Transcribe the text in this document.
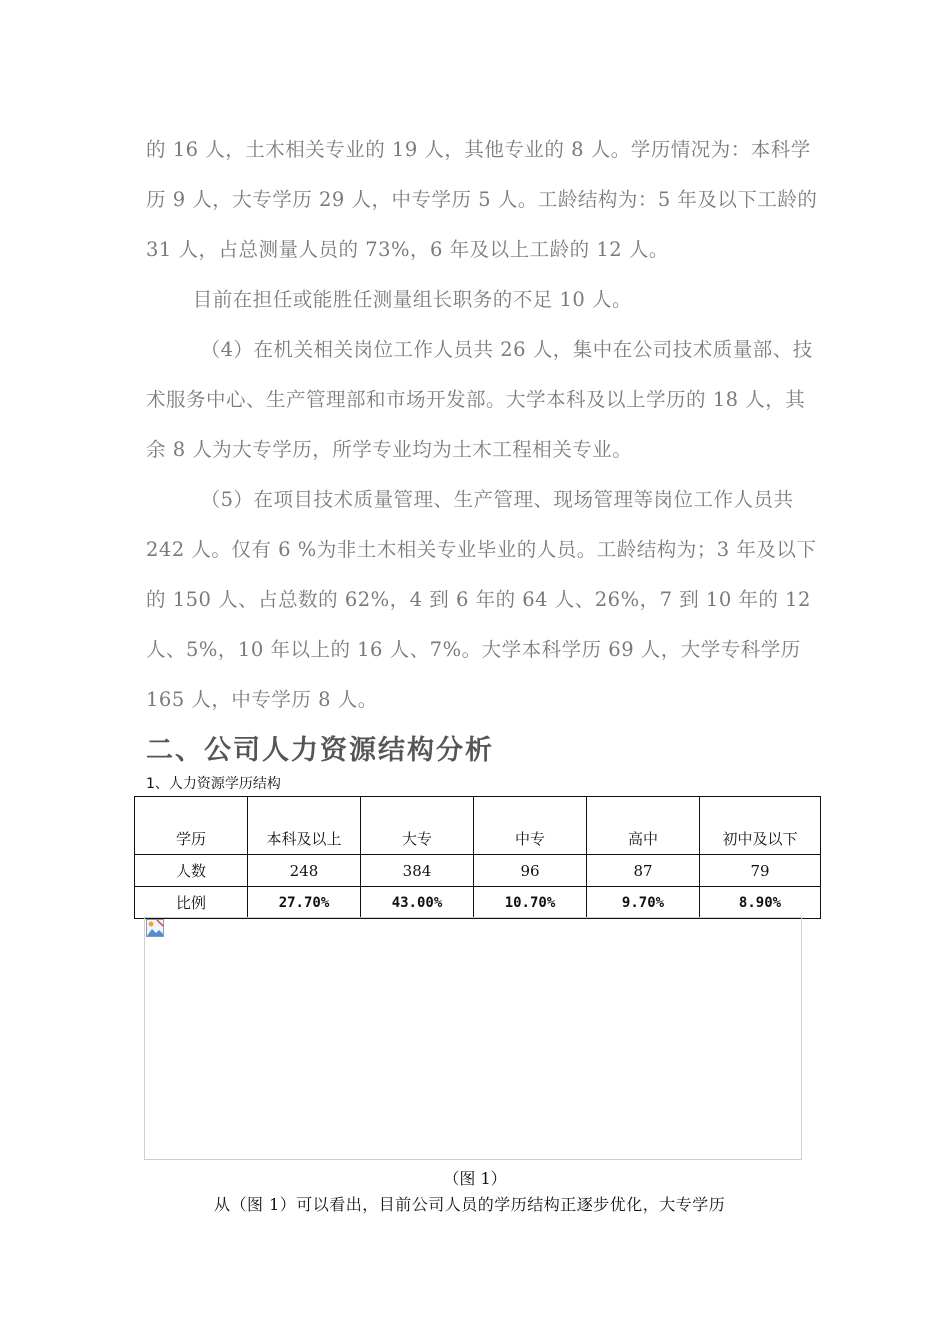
的 16 人，土木相关专业的 19 人，其他专业的 8 人。学历情况为：本科学历 9 人，大专学历 29 人，中专学历 5 人。工龄结构为：5 年及以下工龄的 31 人，占总测量人员的 73%，6 年及以上工龄的 12 人。

目前在担任或能胜任测量组长职务的不足 10 人。

（4）在机关相关岗位工作人员共 26 人，集中在公司技术质量部、技术服务中心、生产管理部和市场开发部。大学本科及以上学历的 18 人，其余 8 人为大专学历，所学专业均为土木工程相关专业。

（5）在项目技术质量管理、生产管理、现场管理等岗位工作人员共 242 人。仅有 6 %为非土木相关专业毕业的人员。工龄结构为；3 年及以下的 150 人、占总数的 62%，4 到 6 年的 64 人、26%，7 到 10 年的 12 人、5%，10 年以上的 16 人、7%。大学本科学历 69 人，大学专科学历 165 人，中专学历 8 人。

二、公司人力资源结构分析
1、人力资源学历结构
学历	本科及以上	大专	中专	高中	初中及以下
人数	248	384	96	87	79
比例	27.70%	43.00%	10.70%	9.70%	8.90%
（图 1）
从（图 1）可以看出，目前公司人员的学历结构正逐步优化，大专学历
